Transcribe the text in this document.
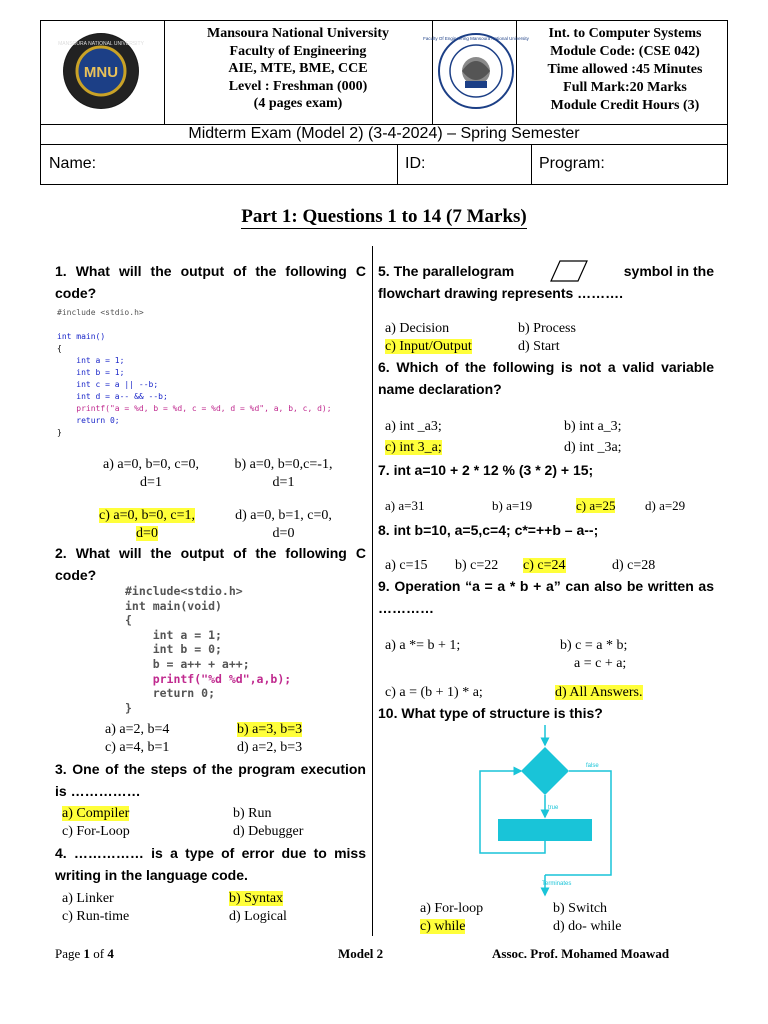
MNU
MANSOURA NATIONAL UNIVERSITY
Mansoura National University
Faculty of Engineering
AIE, MTE, BME, CCE
Level : Freshman (000)
(4 pages exam)
Faculty Of Engineering Mansoura National University	Int. to Computer Systems
Module Code: (CSE 042)
Time allowed :45 Minutes
Full Mark:20 Marks
Module Credit Hours (3)
Midterm Exam (Model 2) (3-4-2024) – Spring Semester
Name:	ID:	Program:
Part 1: Questions 1 to 14 (7 Marks)
1. What will the output of the following C code?
#include <stdio.h>

int main()
{
int a = 1;
int b = 1;
int c = a || --b;
int d = a-- && --b;
printf("a = %d, b = %d, c = %d, d = %d", a, b, c, d);
return 0;
}
a) a=0, b=0, c=0,
d=1
b) a=0, b=0,c=-1,
d=1
c) a=0, b=0, c=1,
d=0
d) a=0, b=1, c=0,
d=0
2. What will the output of the following C code?
#include<stdio.h>
int main(void)
{
int a = 1;
int b = 0;
b = a++ + a++;
printf("%d %d",a,b);
return 0;
}
a) a=2, b=4	b) a=3, b=3
c) a=4, b=1	d) a=2, b=3
3. One of the steps of the program execution is ……………
a) Compiler	b) Run
c) For-Loop	d) Debugger
4. …………… is a type of error due to miss writing in the language code.
a) Linker	b) Syntax
c) Run-time	d) Logical
5. The parallelogram	symbol in the
flowchart drawing represents ……….
a) Decision	b) Process
c) Input/Output	d) Start
6. Which of the following is not a valid variable name declaration?
a) int _a3;	b) int a_3;
c) int 3_a;	d) int _3a;
7. int a=10 + 2 * 12 % (3 * 2) + 15;
a) a=31	b) a=19	c) a=25 d) a=29
8. int b=10, a=5,c=4; c*=++b – a--;
a) c=15 b) c=22 c) c=24	d) c=28
9. Operation “a = a * b + a” can also be written as …………
a) a *= b + 1;	b) c = a * b;
a = c + a;
c) a = (b + 1) * a;	d) All Answers.
10. What type of structure is this?
false
true
Terminates
a) For-loop	b) Switch
c) while	d) do- while
Page 1 of 4	Model 2	Assoc. Prof. Mohamed Moawad
